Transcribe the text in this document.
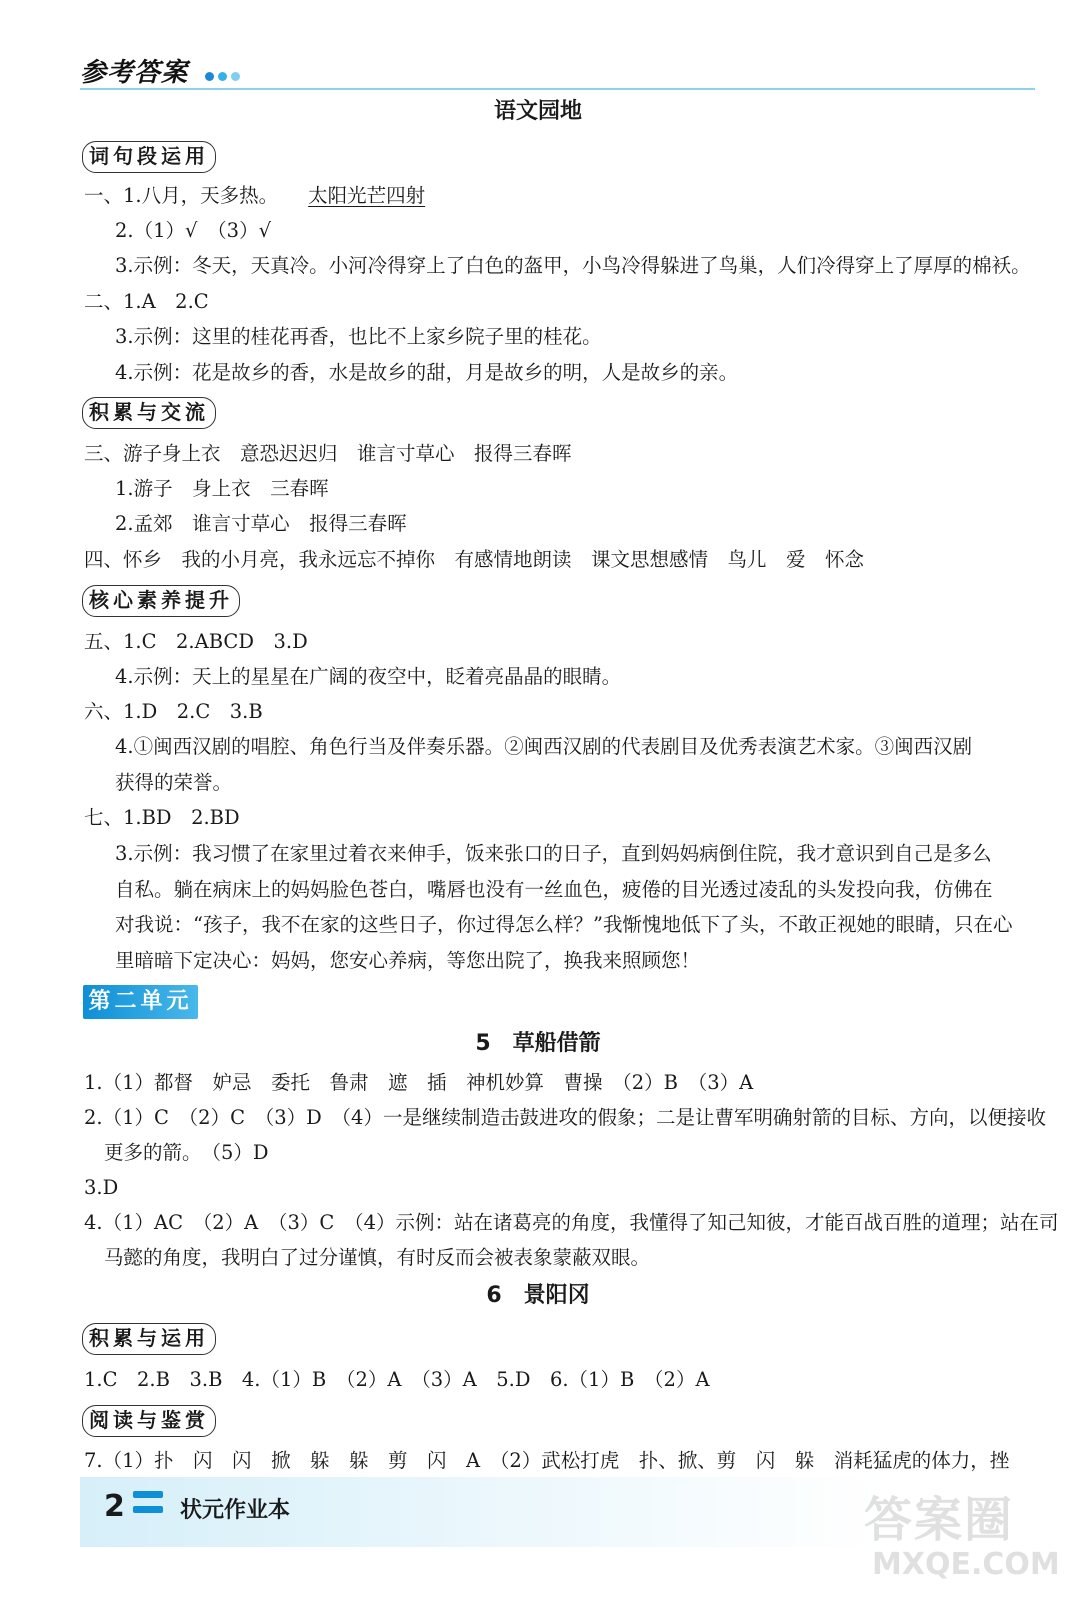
参考答案
语文园地
词句段运用
一、1.八月，天多热。 太阳光芒四射
2.（1）√　（3）√
3.示例：冬天，天真冷。小河冷得穿上了白色的盔甲，小鸟冷得躲进了鸟巢，人们冷得穿上了厚厚的棉袄。
二、1.A　2.C
3.示例：这里的桂花再香，也比不上家乡院子里的桂花。
4.示例：花是故乡的香，水是故乡的甜，月是故乡的明，人是故乡的亲。
积累与交流
三、游子身上衣　意恐迟迟归　谁言寸草心　报得三春晖
1.游子　身上衣　三春晖
2.孟郊　谁言寸草心　报得三春晖
四、怀乡　我的小月亮，我永远忘不掉你　有感情地朗读　课文思想感情　鸟儿　爱　怀念
核心素养提升
五、1.C　2.ABCD　3.D
4.示例：天上的星星在广阔的夜空中，眨着亮晶晶的眼睛。
六、1.D　2.C　3.B
4.①闽西汉剧的唱腔、角色行当及伴奏乐器。②闽西汉剧的代表剧目及优秀表演艺术家。③闽西汉剧
获得的荣誉。
七、1.BD　2.BD
3.示例：我习惯了在家里过着衣来伸手，饭来张口的日子，直到妈妈病倒住院，我才意识到自己是多么
自私。躺在病床上的妈妈脸色苍白，嘴唇也没有一丝血色，疲倦的目光透过凌乱的头发投向我，仿佛在
对我说：“孩子，我不在家的这些日子，你过得怎么样？”我惭愧地低下了头，不敢正视她的眼睛，只在心
里暗暗下定决心：妈妈，您安心养病，等您出院了，换我来照顾您！
第二单元
5　草船借箭
1.（1）都督　妒忌　委托　鲁肃　遮　插　神机妙算　曹操　（2）B　（3）A
2.（1）C　（2）C　（3）D　（4）一是继续制造击鼓进攻的假象；二是让曹军明确射箭的目标、方向，以便接收
更多的箭。　（5）D
3.D
4.（1）AC　（2）A　（3）C　（4）示例：站在诸葛亮的角度，我懂得了知己知彼，才能百战百胜的道理；站在司
马懿的角度，我明白了过分谨慎，有时反而会被表象蒙蔽双眼。
6　景阳冈
积累与运用
1.C　2.B　3.B　4.（1）B　（2）A　（3）A　5.D　6.（1）B　（2）A
阅读与鉴赏
7.（1）扑　闪　闪　掀　躲　躲　剪　闪　A　（2）武松打虎　扑、掀、剪　闪　躲　消耗猛虎的体力，挫
2	状元作业本	答案圈
MXQE.COM
